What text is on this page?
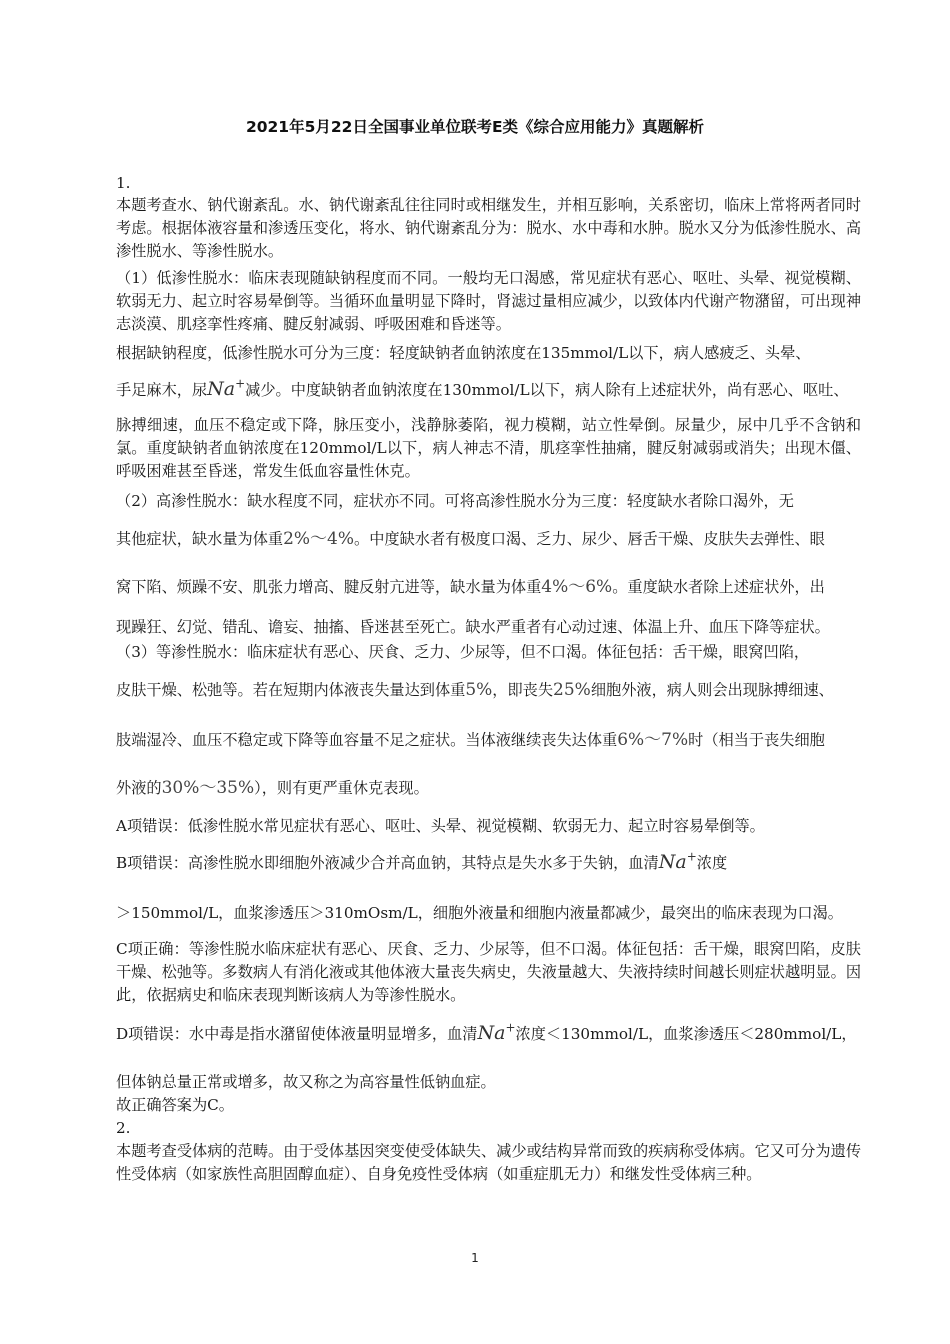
2021年5月22日全国事业单位联考E类《综合应用能力》真题解析
1.
本题考查水、钠代谢紊乱。水、钠代谢紊乱往往同时或相继发生，并相互影响，关系密切，临床上常将两者同时考虑。根据体液容量和渗透压变化，将水、钠代谢紊乱分为：脱水、水中毒和水肿。脱水又分为低渗性脱水、高渗性脱水、等渗性脱水。
（1）低渗性脱水：临床表现随缺钠程度而不同。一般均无口渴感，常见症状有恶心、呕吐、头晕、视觉模糊、软弱无力、起立时容易晕倒等。当循环血量明显下降时，肾滤过量相应减少，以致体内代谢产物潴留，可出现神志淡漠、肌痉挛性疼痛、腱反射减弱、呼吸困难和昏迷等。
根据缺钠程度，低渗性脱水可分为三度：轻度缺钠者血钠浓度在135mmol/L以下，病人感疲乏、头晕、
手足麻木，尿Na+减少。中度缺钠者血钠浓度在130mmol/L以下，病人除有上述症状外，尚有恶心、呕吐、
脉搏细速，血压不稳定或下降，脉压变小，浅静脉萎陷，视力模糊，站立性晕倒。尿量少，尿中几乎不含钠和氯。重度缺钠者血钠浓度在120mmol/L以下，病人神志不清，肌痉挛性抽痛，腱反射减弱或消失；出现木僵、呼吸困难甚至昏迷，常发生低血容量性休克。
（2）高渗性脱水：缺水程度不同，症状亦不同。可将高渗性脱水分为三度：轻度缺水者除口渴外，无
其他症状，缺水量为体重2%～4%。中度缺水者有极度口渴、乏力、尿少、唇舌干燥、皮肤失去弹性、眼
窝下陷、烦躁不安、肌张力增高、腱反射亢进等，缺水量为体重4%～6%。重度缺水者除上述症状外，出
现躁狂、幻觉、错乱、谵妄、抽搐、昏迷甚至死亡。缺水严重者有心动过速、体温上升、血压下降等症状。
（3）等渗性脱水：临床症状有恶心、厌食、乏力、少尿等，但不口渴。体征包括：舌干燥，眼窝凹陷，
皮肤干燥、松弛等。若在短期内体液丧失量达到体重5%，即丧失25%细胞外液，病人则会出现脉搏细速、
肢端湿冷、血压不稳定或下降等血容量不足之症状。当体液继续丧失达体重6%～7%时（相当于丧失细胞
外液的30%～35%），则有更严重休克表现。
A项错误：低渗性脱水常见症状有恶心、呕吐、头晕、视觉模糊、软弱无力、起立时容易晕倒等。
B项错误：高渗性脱水即细胞外液减少合并高血钠，其特点是失水多于失钠，血清Na+浓度
＞150mmol/L，血浆渗透压＞310mOsm/L，细胞外液量和细胞内液量都减少，最突出的临床表现为口渴。
C项正确：等渗性脱水临床症状有恶心、厌食、乏力、少尿等，但不口渴。体征包括：舌干燥，眼窝凹陷，皮肤干燥、松弛等。多数病人有消化液或其他体液大量丧失病史，失液量越大、失液持续时间越长则症状越明显。因此，依据病史和临床表现判断该病人为等渗性脱水。
D项错误：水中毒是指水潴留使体液量明显增多，血清Na+浓度＜130mmol/L，血浆渗透压＜280mmol/L，
但体钠总量正常或增多，故又称之为高容量性低钠血症。
故正确答案为C。
2.
本题考查受体病的范畴。由于受体基因突变使受体缺失、减少或结构异常而致的疾病称受体病。它又可分为遗传性受体病（如家族性高胆固醇血症）、自身免疫性受体病（如重症肌无力）和继发性受体病三种。
1
